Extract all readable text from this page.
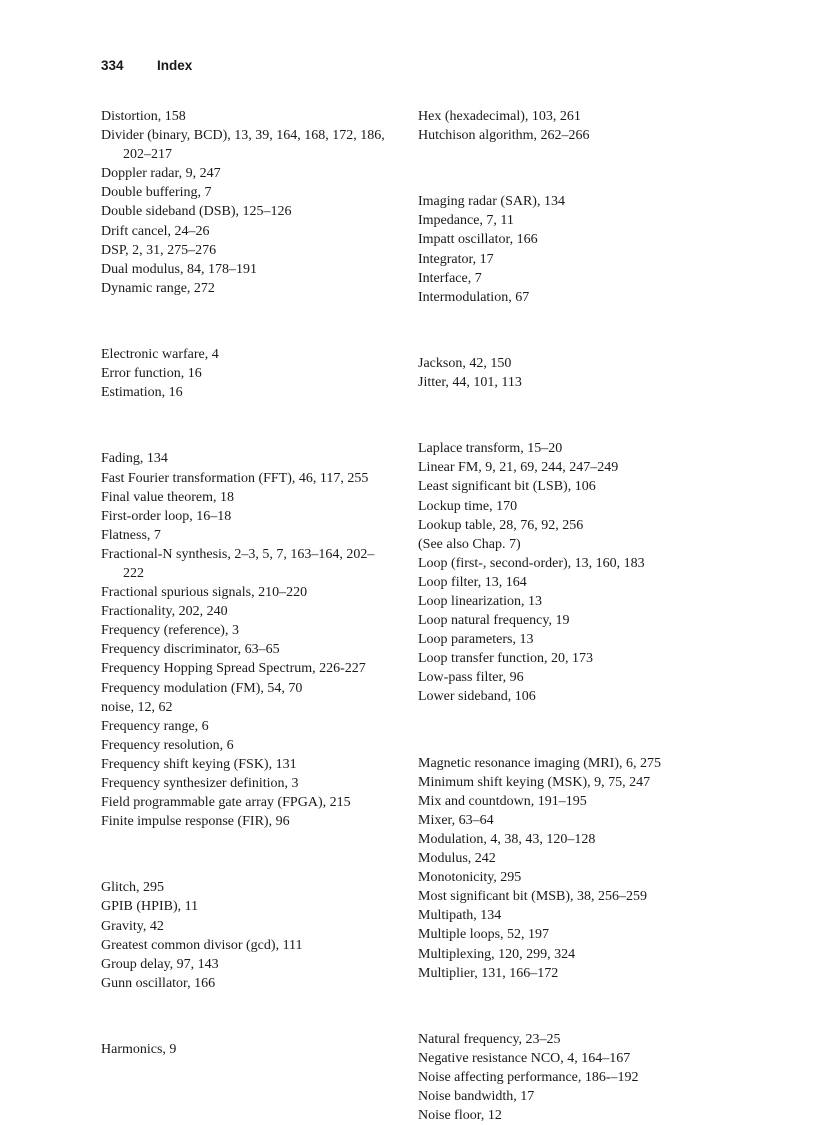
334 Index

Distortion, 158

Divider (binary, BCD), 13, 39, 164, 168, 172, 186, 202–217

Doppler radar, 9, 247

Double buffering, 7

Double sideband (DSB), 125–126

Drift cancel, 24–26

DSP, 2, 31, 275–276

Dual modulus, 84, 178–191

Dynamic range, 272

Electronic warfare, 4

Error function, 16

Estimation, 16

Fading, 134

Fast Fourier transformation (FFT), 46, 117, 255

Final value theorem, 18

First-order loop, 16–18

Flatness, 7

Fractional-N synthesis, 2–3, 5, 7, 163–164, 202–222

Fractional spurious signals, 210–220

Fractionality, 202, 240

Frequency (reference), 3

Frequency discriminator, 63–65

Frequency Hopping Spread Spectrum, 226-227

Frequency modulation (FM), 54, 70

noise, 12, 62

Frequency range, 6

Frequency resolution, 6

Frequency shift keying (FSK), 131

Frequency synthesizer definition, 3

Field programmable gate array (FPGA), 215

Finite impulse response (FIR), 96

Glitch, 295

GPIB (HPIB), 11

Gravity, 42

Greatest common divisor (gcd), 111

Group delay, 97, 143

Gunn oscillator, 166

Harmonics, 9

Hex (hexadecimal), 103, 261

Hutchison algorithm, 262–266

Imaging radar (SAR), 134

Impedance, 7, 11

Impatt oscillator, 166

Integrator, 17

Interface, 7

Intermodulation, 67

Jackson, 42, 150

Jitter, 44, 101, 113

Laplace transform, 15–20

Linear FM, 9, 21, 69, 244, 247–249

Least significant bit (LSB), 106

Lockup time, 170

Lookup table, 28, 76, 92, 256

(See also Chap. 7)

Loop (first-, second-order), 13, 160, 183

Loop filter, 13, 164

Loop linearization, 13

Loop natural frequency, 19

Loop parameters, 13

Loop transfer function, 20, 173

Low-pass filter, 96

Lower sideband, 106

Magnetic resonance imaging (MRI), 6, 275

Minimum shift keying (MSK), 9, 75, 247

Mix and countdown, 191–195

Mixer, 63–64

Modulation, 4, 38, 43, 120–128

Modulus, 242

Monotonicity, 295

Most significant bit (MSB), 38, 256–259

Multipath, 134

Multiple loops, 52, 197

Multiplexing, 120, 299, 324

Multiplier, 131, 166–172

Natural frequency, 23–25

Negative resistance NCO, 4, 164–167

Noise affecting performance, 186-–192

Noise bandwidth, 17

Noise floor, 12
